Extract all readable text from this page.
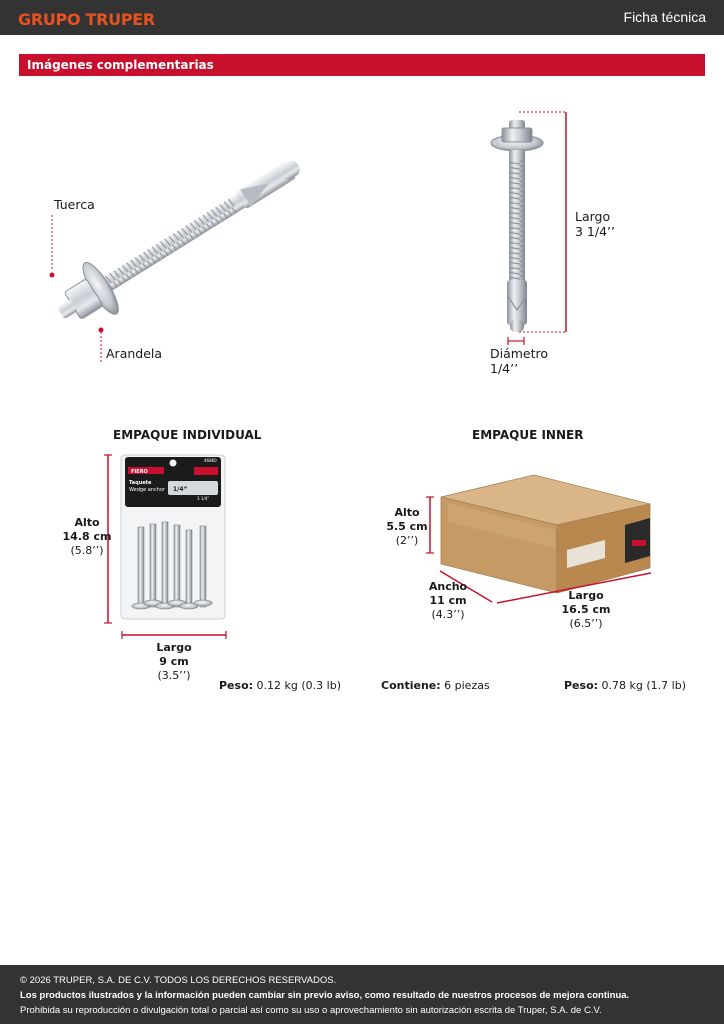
GRUPO TRUPER	Ficha técnica
Imágenes complementarias
FIERO
46860
Taquete
Wedge anchor 1/4”
3 1/4”
Tuerca
Arandela
Largo
3 1/4’’
Diámetro
1/4’’
EMPAQUE INDIVIDUAL	EMPAQUE INNER
Alto
14.8 cm
(5.8’’)
Largo
9 cm
(3.5’’)
Peso: 0.12 kg (0.3 lb)
Alto
5.5 cm
(2’’)
Ancho
11 cm
(4.3’’)
Largo
16.5 cm
(6.5’’)
Contiene: 6 piezas	Peso: 0.78 kg (1.7 lb)
© 2026 TRUPER, S.A. DE C.V. TODOS LOS DERECHOS RESERVADOS.
Los productos ilustrados y la información pueden cambiar sin previo aviso, como resultado de nuestros procesos de mejora continua.
Prohibida su reproducción o divulgación total o parcial así como su uso o aprovechamiento sin autorización escrita de Truper, S.A. de C.V.
